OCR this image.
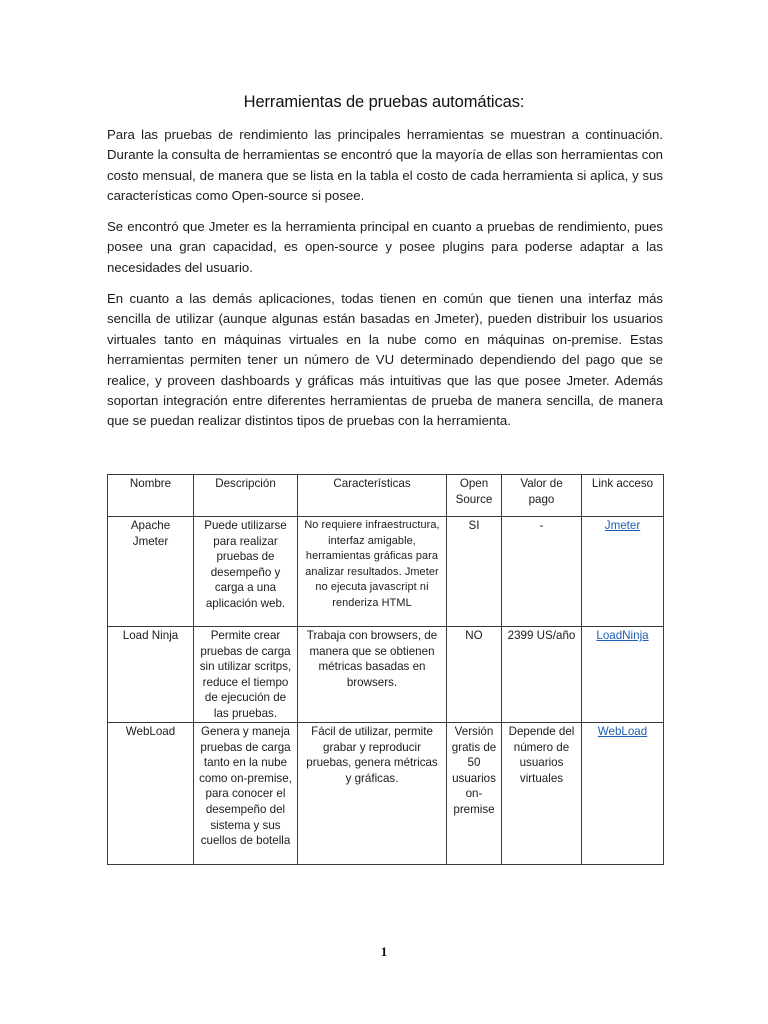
Herramientas de pruebas automáticas:

Para las pruebas de rendimiento las principales herramientas se muestran a continuación. Durante la consulta de herramientas se encontró que la mayoría de ellas son herramientas con costo mensual, de manera que se lista en la tabla el costo de cada herramienta si aplica, y sus características como Open-source si posee.

Se encontró que Jmeter es la herramienta principal en cuanto a pruebas de rendimiento, pues posee una gran capacidad, es open-source y posee plugins para poderse adaptar a las necesidades del usuario.

En cuanto a las demás aplicaciones, todas tienen en común que tienen una interfaz más sencilla de utilizar (aunque algunas están basadas en Jmeter), pueden distribuir los usuarios virtuales tanto en máquinas virtuales en la nube como en máquinas on-premise. Estas herramientas permiten tener un número de VU determinado dependiendo del pago que se realice, y proveen dashboards y gráficas más intuitivas que las que posee Jmeter. Además soportan integración entre diferentes herramientas de prueba de manera sencilla, de manera que se puedan realizar distintos tipos de pruebas con la herramienta.

Nombre	Descripción	Características	Open Source	Valor de pago	Link acceso
Apache Jmeter	Puede utilizarse para realizar pruebas de desempeño y carga a una aplicación web.	No requiere infraestructura, interfaz amigable, herramientas gráficas para analizar resultados. Jmeter no ejecuta javascript ni renderiza HTML	SI	-	Jmeter
Load Ninja	Permite crear pruebas de carga sin utilizar scritps, reduce el tiempo de ejecución de las pruebas.	Trabaja con browsers, de manera que se obtienen métricas basadas en browsers.	NO	2399 US/año	LoadNinja
WebLoad	Genera y maneja pruebas de carga tanto en la nube como on-premise, para conocer el desempeño del sistema y sus cuellos de botella	Fácil de utilizar, permite grabar y reproducir pruebas, genera métricas y gráficas.	Versión gratis de 50 usuarios on-premise	Depende del número de usuarios virtuales	WebLoad
1
